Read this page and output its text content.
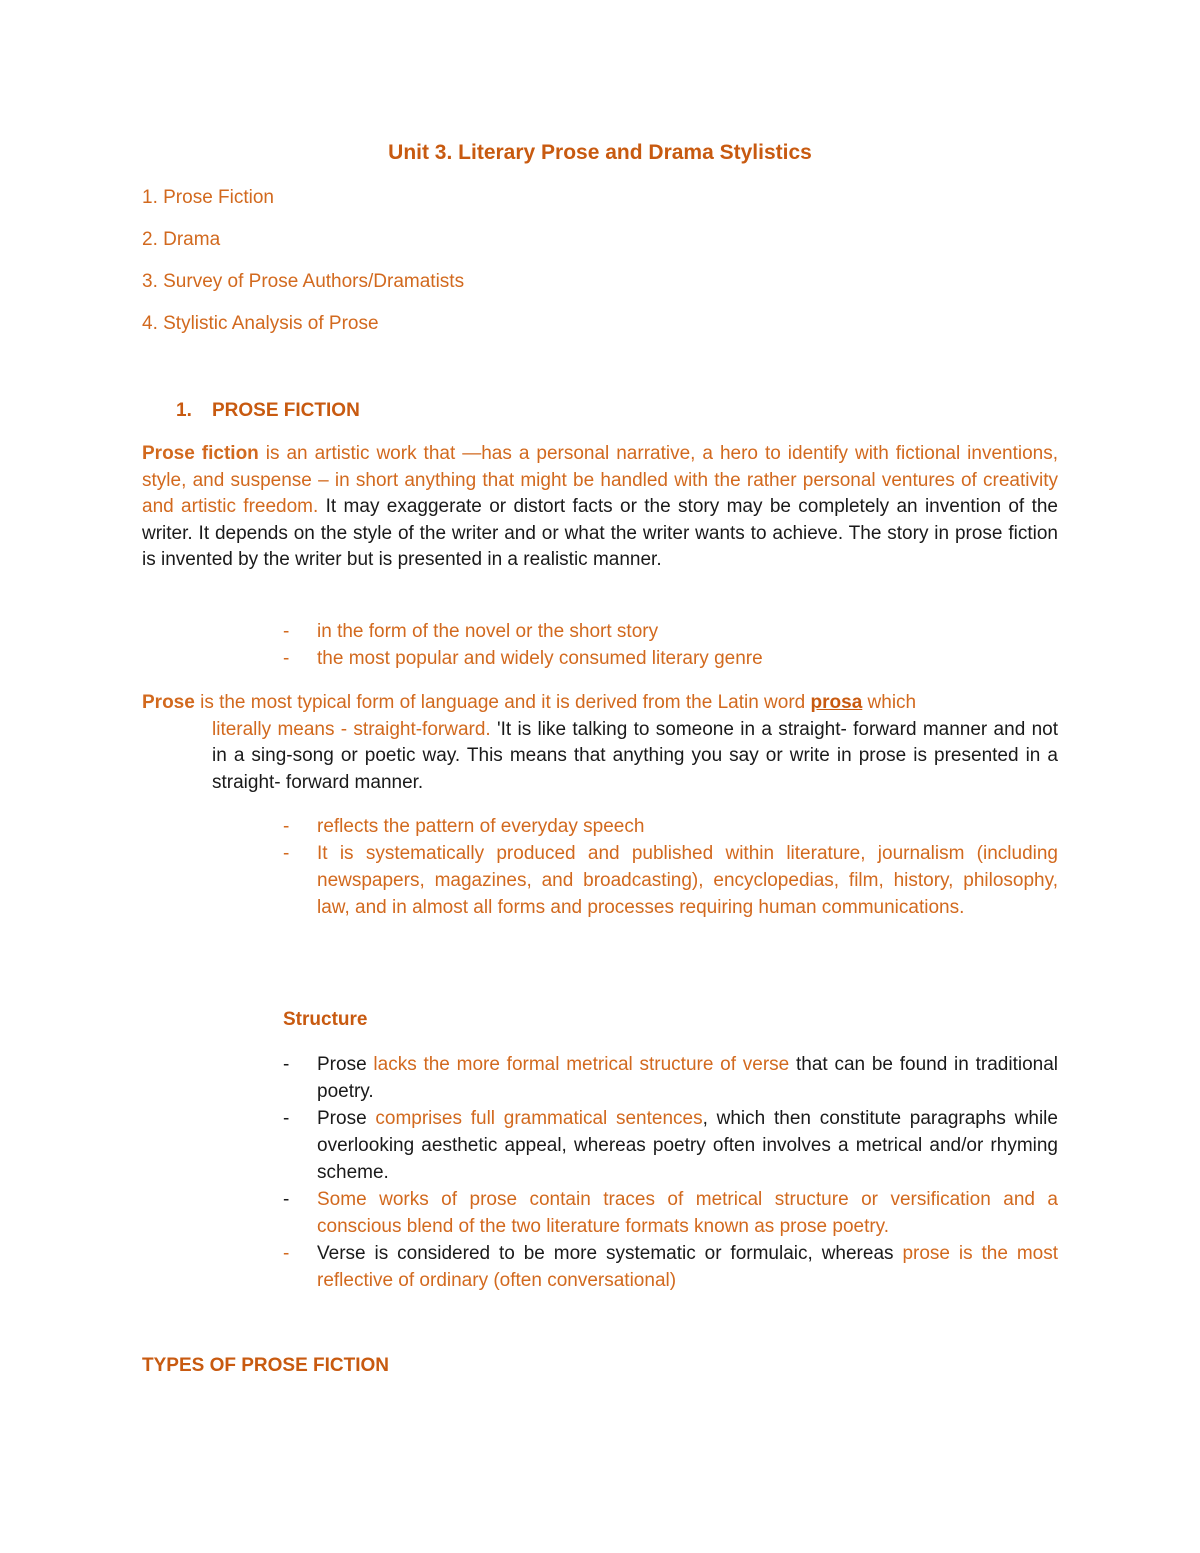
Unit 3. Literary Prose and Drama Stylistics
1. Prose Fiction
2. Drama
3. Survey of Prose Authors/Dramatists
4. Stylistic Analysis of Prose
1. PROSE FICTION
Prose fiction is an artistic work that ―has a personal narrative, a hero to identify with fictional inventions, style, and suspense – in short anything that might be handled with the rather personal ventures of creativity and artistic freedom. It may exaggerate or distort facts or the story may be completely an invention of the writer. It depends on the style of the writer and or what the writer wants to achieve. The story in prose fiction is invented by the writer but is presented in a realistic manner.
- in the form of the novel or the short story
- the most popular and widely consumed literary genre
Prose is the most typical form of language and it is derived from the Latin word prosa which
literally means - straight-forward. 'It is like talking to someone in a straight- forward manner and not in a sing-song or poetic way. This means that anything you say or write in prose is presented in a straight- forward manner.
- reflects the pattern of everyday speech
- It is systematically produced and published within literature, journalism (including newspapers, magazines, and broadcasting), encyclopedias, film, history, philosophy, law, and in almost all forms and processes requiring human communications.
Structure
- Prose lacks the more formal metrical structure of verse that can be found in traditional poetry.
- Prose comprises full grammatical sentences, which then constitute paragraphs while overlooking aesthetic appeal, whereas poetry often involves a metrical and/or rhyming scheme.
- Some works of prose contain traces of metrical structure or versification and a conscious blend of the two literature formats known as prose poetry.
- Verse is considered to be more systematic or formulaic, whereas prose is the most reflective of ordinary (often conversational)
TYPES OF PROSE FICTION
